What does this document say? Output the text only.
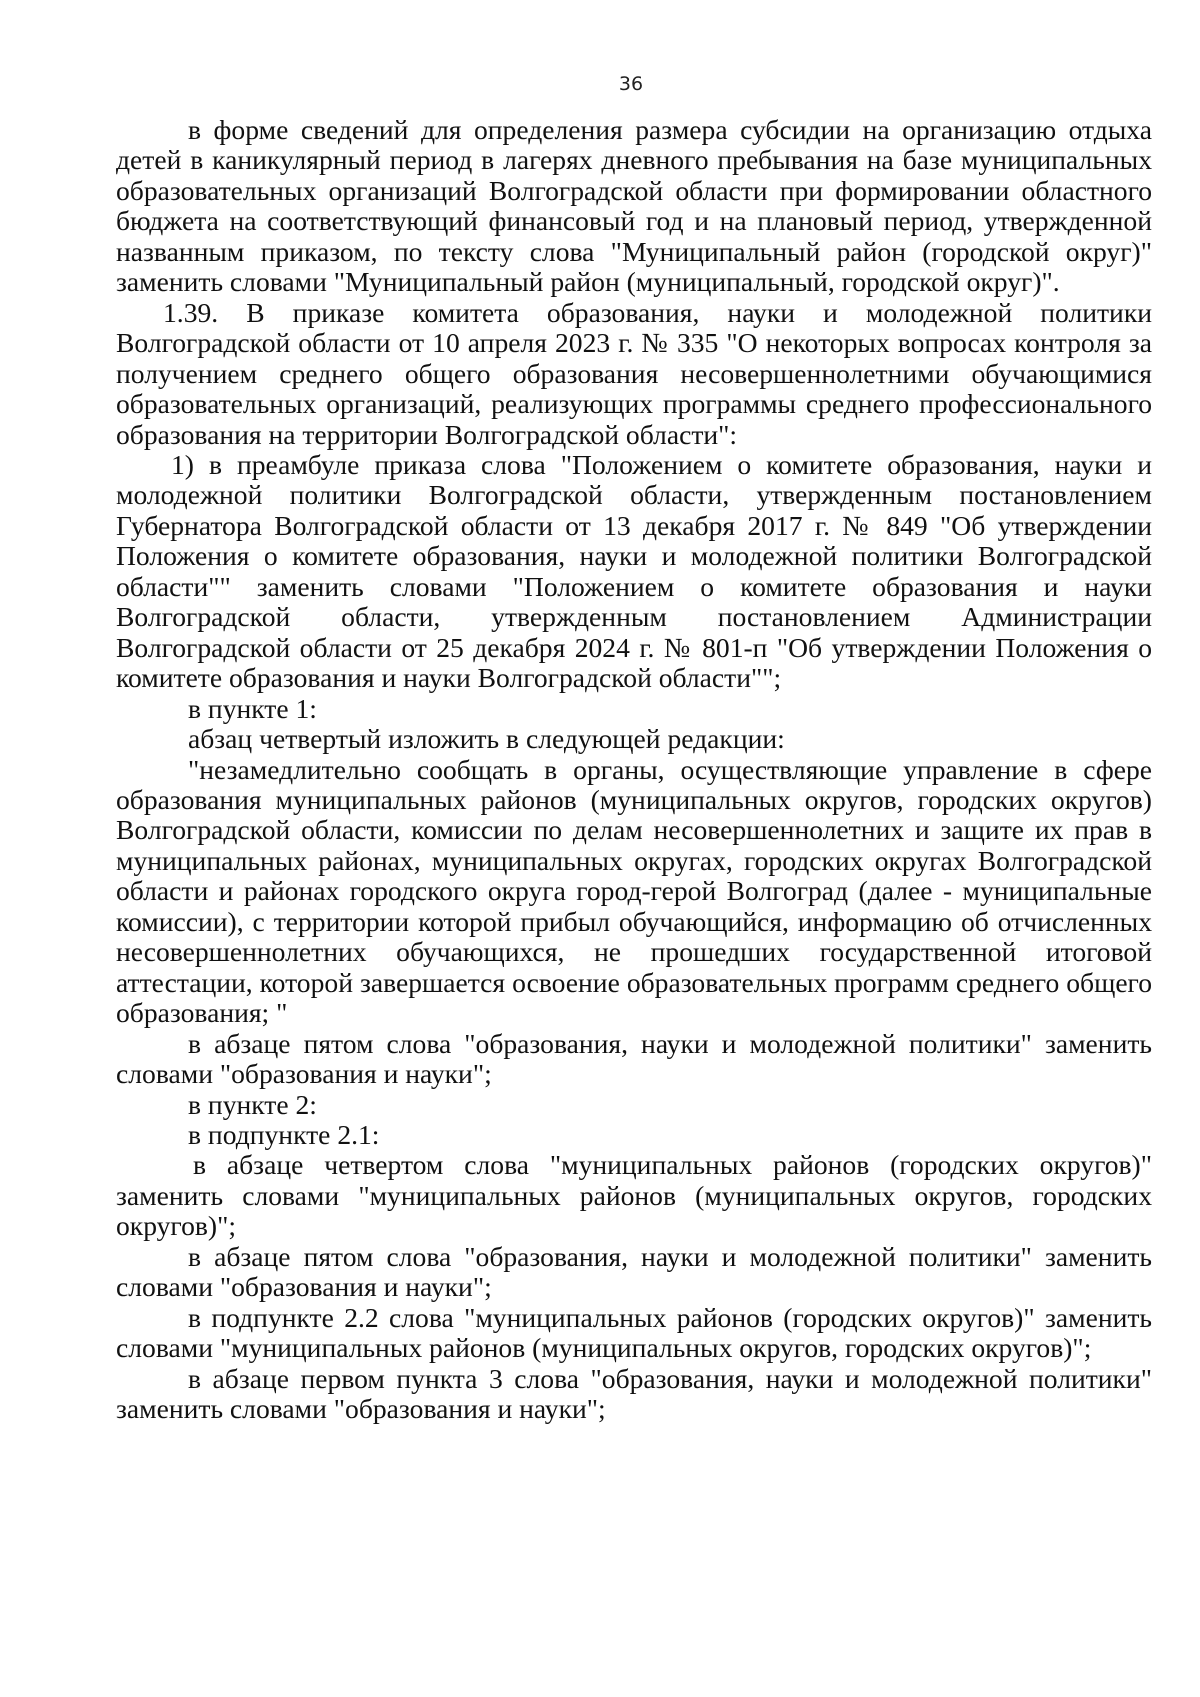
36

в форме сведений для определения размера субсидии на организацию отдыха детей в каникулярный период в лагерях дневного пребывания на базе муниципальных образовательных организаций Волгоградской области при формировании областного бюджета на соответствующий финансовый год и на плановый период, утвержденной названным приказом, по тексту слова "Муниципальный район (городской округ)" заменить словами "Муниципальный район (муниципальный, городской округ)".

1.39. В приказе комитета образования, науки и молодежной политики Волгоградской области от 10 апреля 2023 г. № 335 "О некоторых вопросах контроля за получением среднего общего образования несовершеннолетними обучающимися образовательных организаций, реализующих программы среднего профессионального образования на территории Волгоградской области":

1) в преамбуле приказа слова "Положением о комитете образования, науки и молодежной политики Волгоградской области, утвержденным постановлением Губернатора Волгоградской области от 13 декабря 2017 г. № 849 "Об утверждении Положения о комитете образования, науки и молодежной политики Волгоградской области"" заменить словами "Положением о комитете образования и науки Волгоградской области, утвержденным постановлением Администрации Волгоградской области от 25 декабря 2024 г. № 801-п "Об утверждении Положения о комитете образования и науки Волгоградской области"";

в пункте 1:

абзац четвертый изложить в следующей редакции:

"незамедлительно сообщать в органы, осуществляющие управление в сфере образования муниципальных районов (муниципальных округов, городских округов) Волгоградской области, комиссии по делам несовершеннолетних и защите их прав в муниципальных районах, муниципальных округах, городских округах Волгоградской области и районах городского округа город-герой Волгоград (далее - муниципальные комиссии), с территории которой прибыл обучающийся, информацию об отчисленных несовершеннолетних обучающихся, не прошедших государственной итоговой аттестации, которой завершается освоение образовательных программ среднего общего образования; "

в абзаце пятом слова "образования, науки и молодежной политики" заменить словами "образования и науки";

в пункте 2:

в подпункте 2.1:

в абзаце четвертом слова "муниципальных районов (городских округов)" заменить словами "муниципальных районов (муниципальных округов, городских округов)";

в абзаце пятом слова "образования, науки и молодежной политики" заменить словами "образования и науки";

в подпункте 2.2 слова "муниципальных районов (городских округов)" заменить словами "муниципальных районов (муниципальных округов, городских округов)";

в абзаце первом пункта 3 слова "образования, науки и молодежной политики" заменить словами "образования и науки";
